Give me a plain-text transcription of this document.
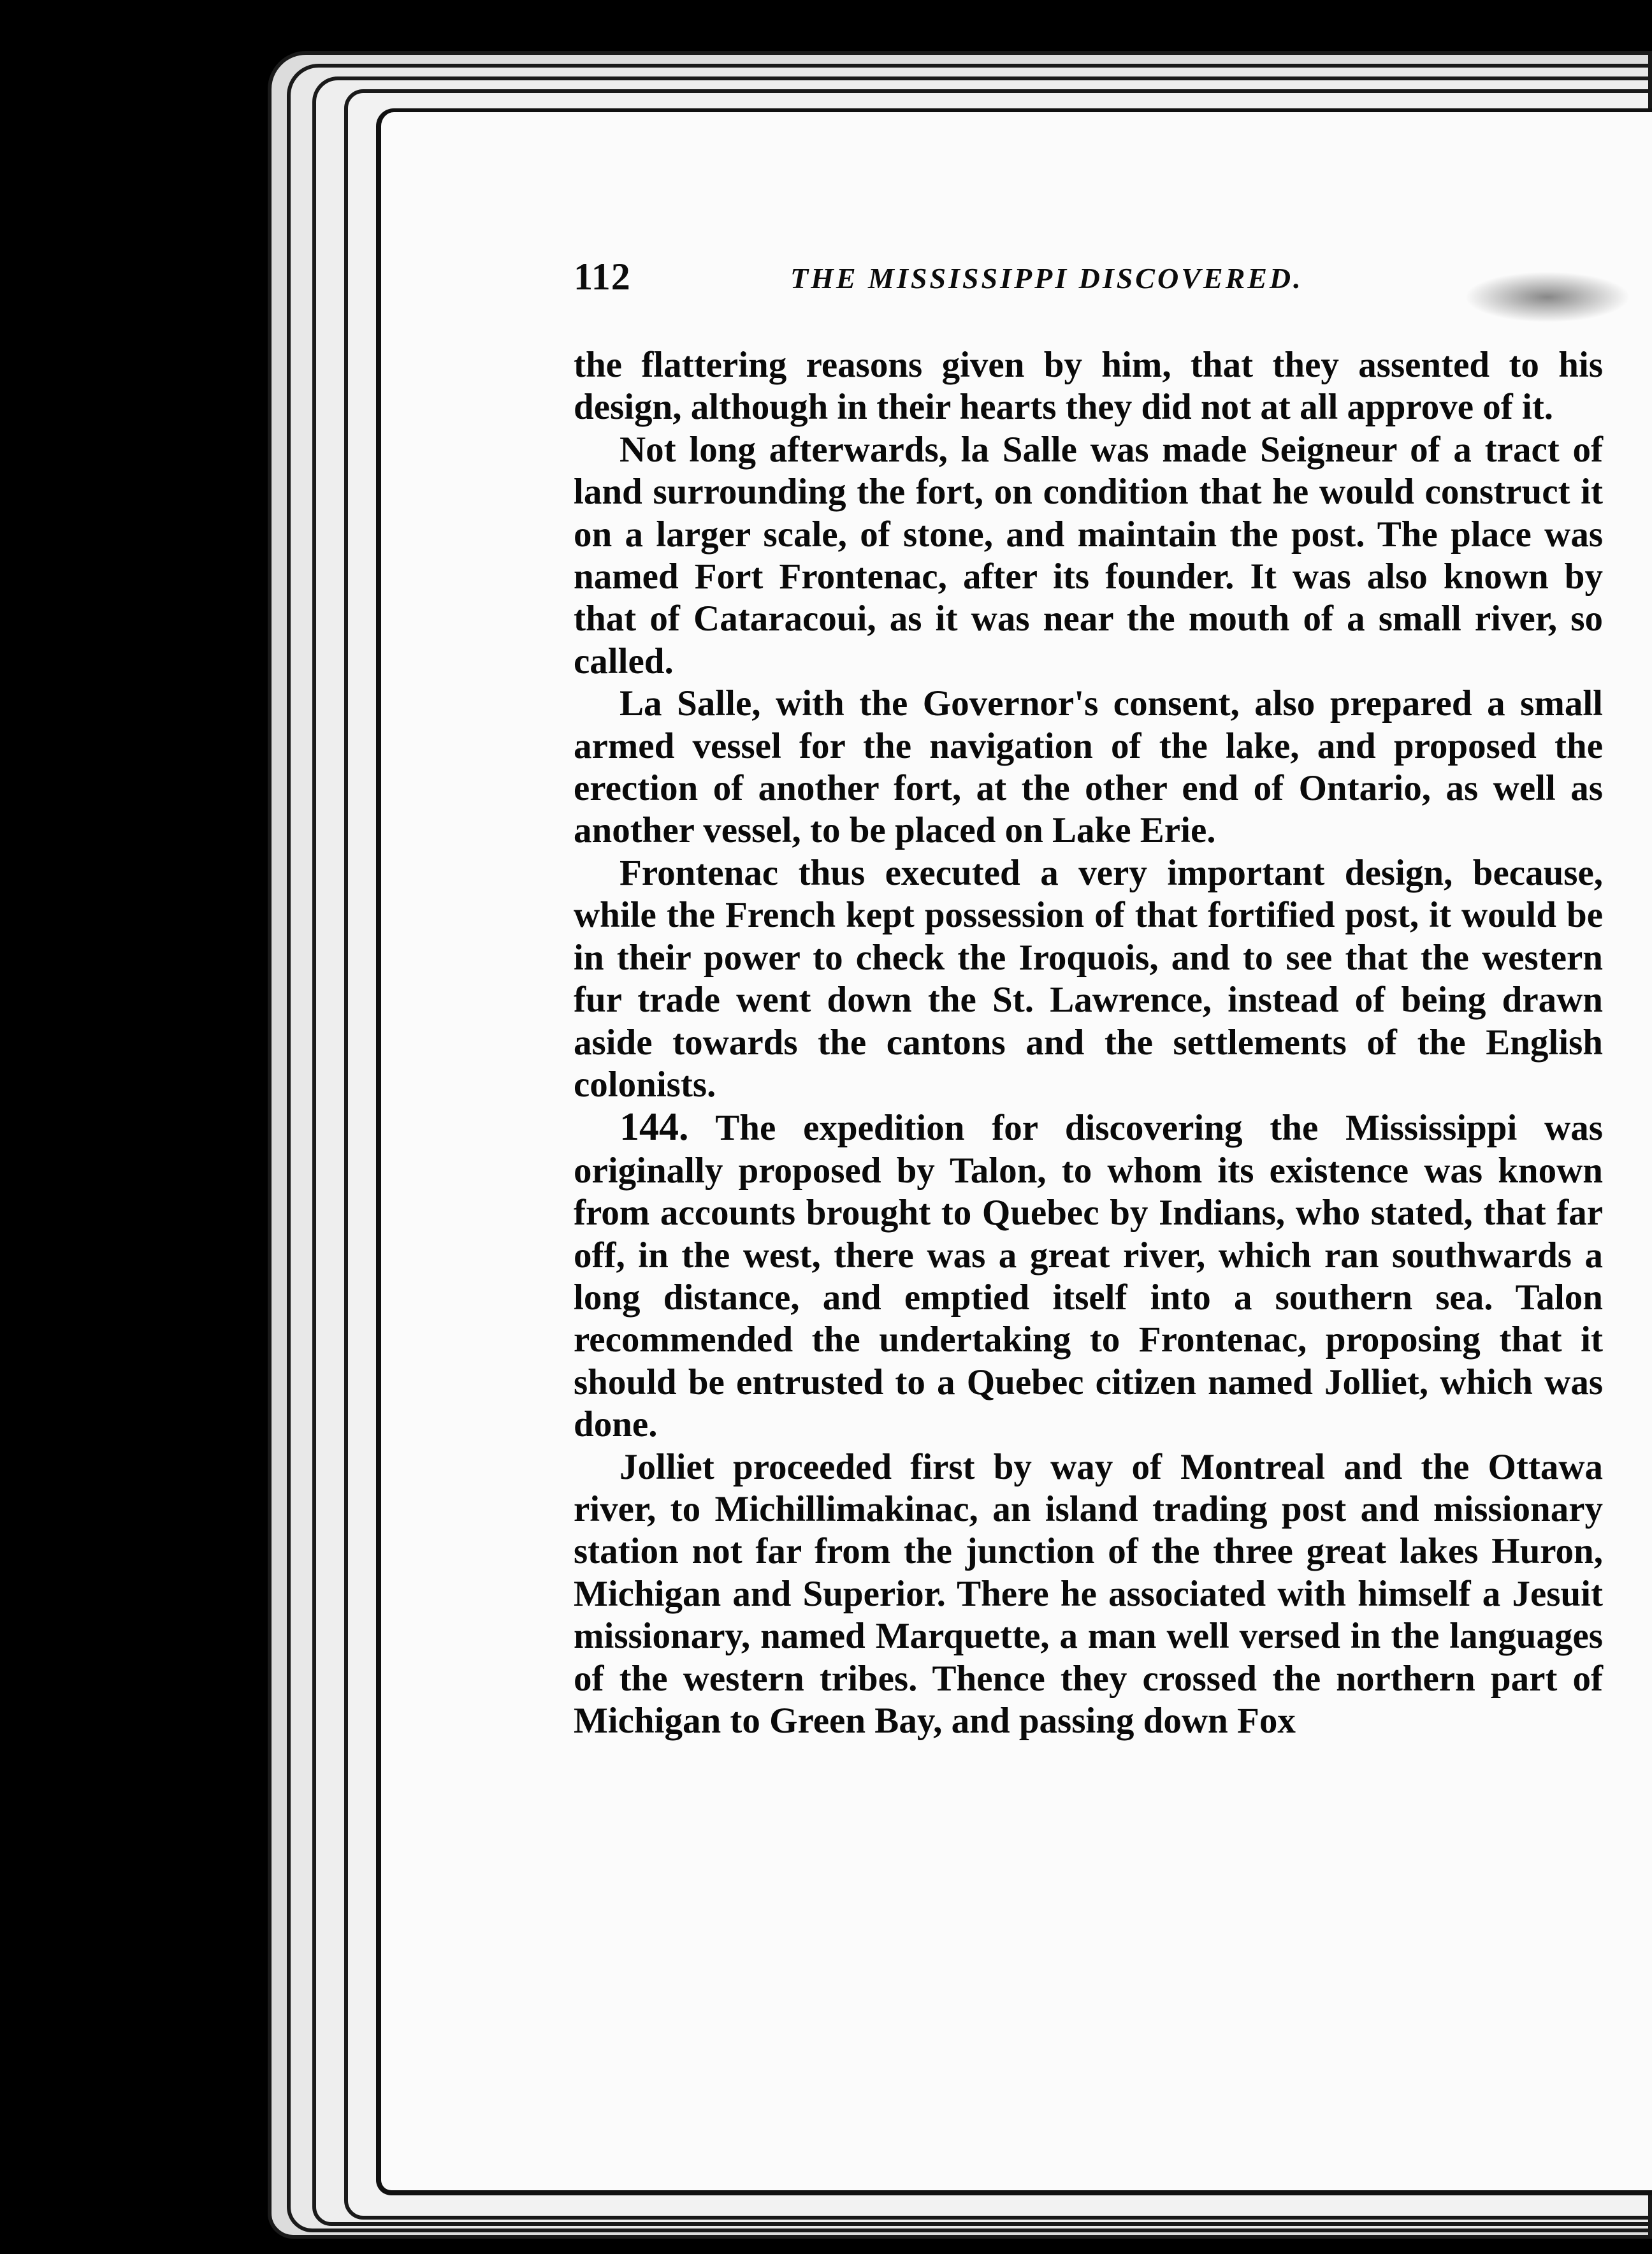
112	THE MISSISSIPPI DISCOVERED.

the flattering reasons given by him, that they assented to his design, although in their hearts they did not at all approve of it.

Not long afterwards, la Salle was made Seigneur of a tract of land surrounding the fort, on condition that he would construct it on a larger scale, of stone, and maintain the post. The place was named Fort Frontenac, after its founder. It was also known by that of Cataracoui, as it was near the mouth of a small river, so called.

La Salle, with the Governor's consent, also prepared a small armed vessel for the navigation of the lake, and proposed the erection of another fort, at the other end of Ontario, as well as another vessel, to be placed on Lake Erie.

Frontenac thus executed a very important design, because, while the French kept possession of that fortified post, it would be in their power to check the Iroquois, and to see that the western fur trade went down the St. Lawrence, instead of being drawn aside towards the cantons and the settlements of the English colonists.

144. The expedition for discovering the Mississippi was originally proposed by Talon, to whom its existence was known from accounts brought to Quebec by Indians, who stated, that far off, in the west, there was a great river, which ran southwards a long distance, and emptied itself into a southern sea. Talon recommended the undertaking to Frontenac, proposing that it should be entrusted to a Quebec citizen named Jolliet, which was done.

Jolliet proceeded first by way of Montreal and the Ottawa river, to Michillimakinac, an island trading post and missionary station not far from the junction of the three great lakes Huron, Michigan and Superior. There he associated with himself a Jesuit missionary, named Marquette, a man well versed in the languages of the western tribes. Thence they crossed the northern part of Michigan to Green Bay, and passing down Fox
